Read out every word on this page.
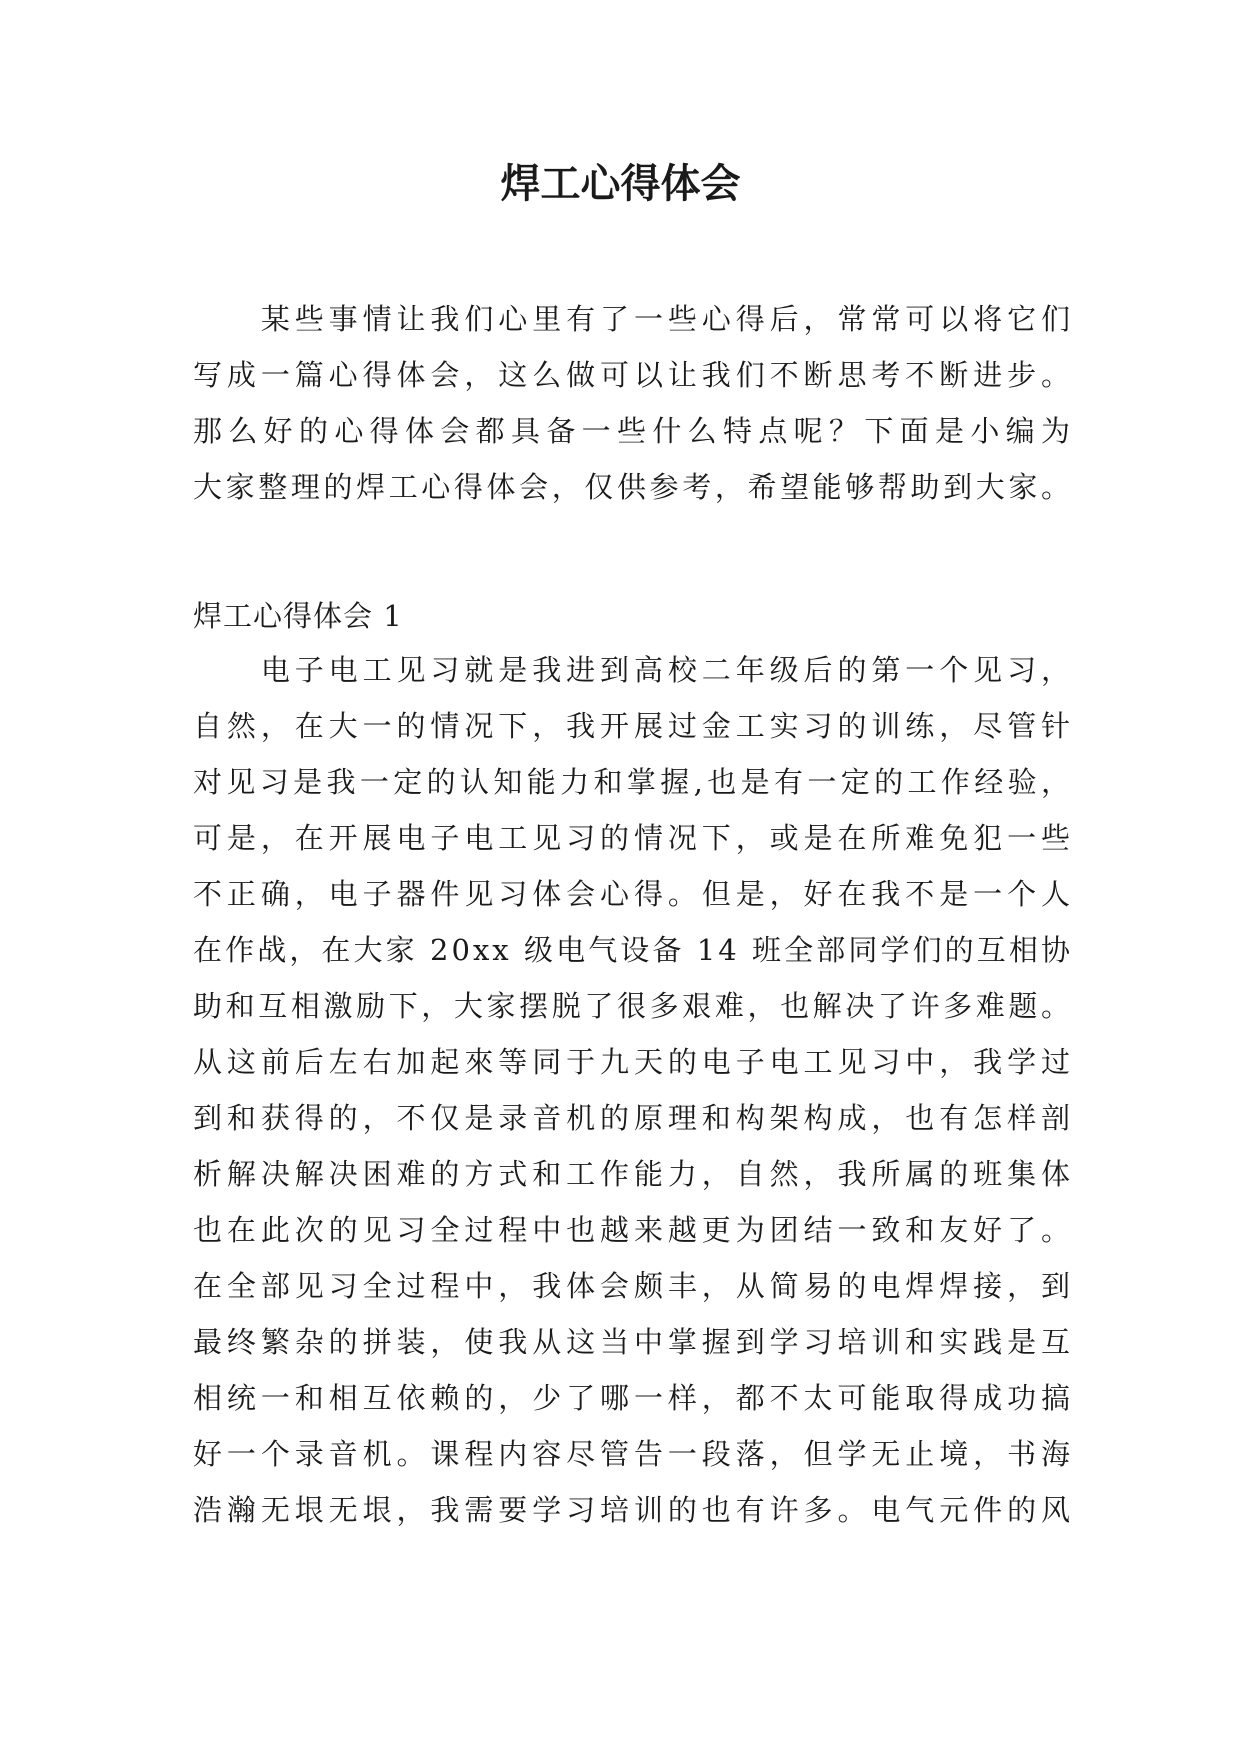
焊工心得体会
　　某些事情让我们心里有了一些心得后，常常可以将它们
写成一篇心得体会，这么做可以让我们不断思考不断进步。
那么好的心得体会都具备一些什么特点呢？下面是小编为
大家整理的焊工心得体会，仅供参考，希望能够帮助到大家。
焊工心得体会 1
　　电子电工见习就是我进到高校二年级后的第一个见习，
自然，在大一的情况下，我开展过金工实习的训练，尽管针
对见习是我一定的认知能力和掌握,也是有一定的工作经验，
可是，在开展电子电工见习的情况下，或是在所难免犯一些
不正确，电子器件见习体会心得。但是，好在我不是一个人
在作战，在大家 20xx 级电气设备 14 班全部同学们的互相协
助和互相激励下，大家摆脱了很多艰难，也解决了许多难题。
从这前后左右加起來等同于九天的电子电工见习中，我学过
到和获得的，不仅是录音机的原理和构架构成，也有怎样剖
析解决解决困难的方式和工作能力，自然，我所属的班集体
也在此次的见习全过程中也越来越更为团结一致和友好了。
在全部见习全过程中，我体会颇丰，从简易的电焊焊接，到
最终繁杂的拼装，使我从这当中掌握到学习培训和实践是互
相统一和相互依赖的，少了哪一样，都不太可能取得成功搞
好一个录音机。课程内容尽管告一段落，但学无止境，书海
浩瀚无垠无垠，我需要学习培训的也有许多。电气元件的风
